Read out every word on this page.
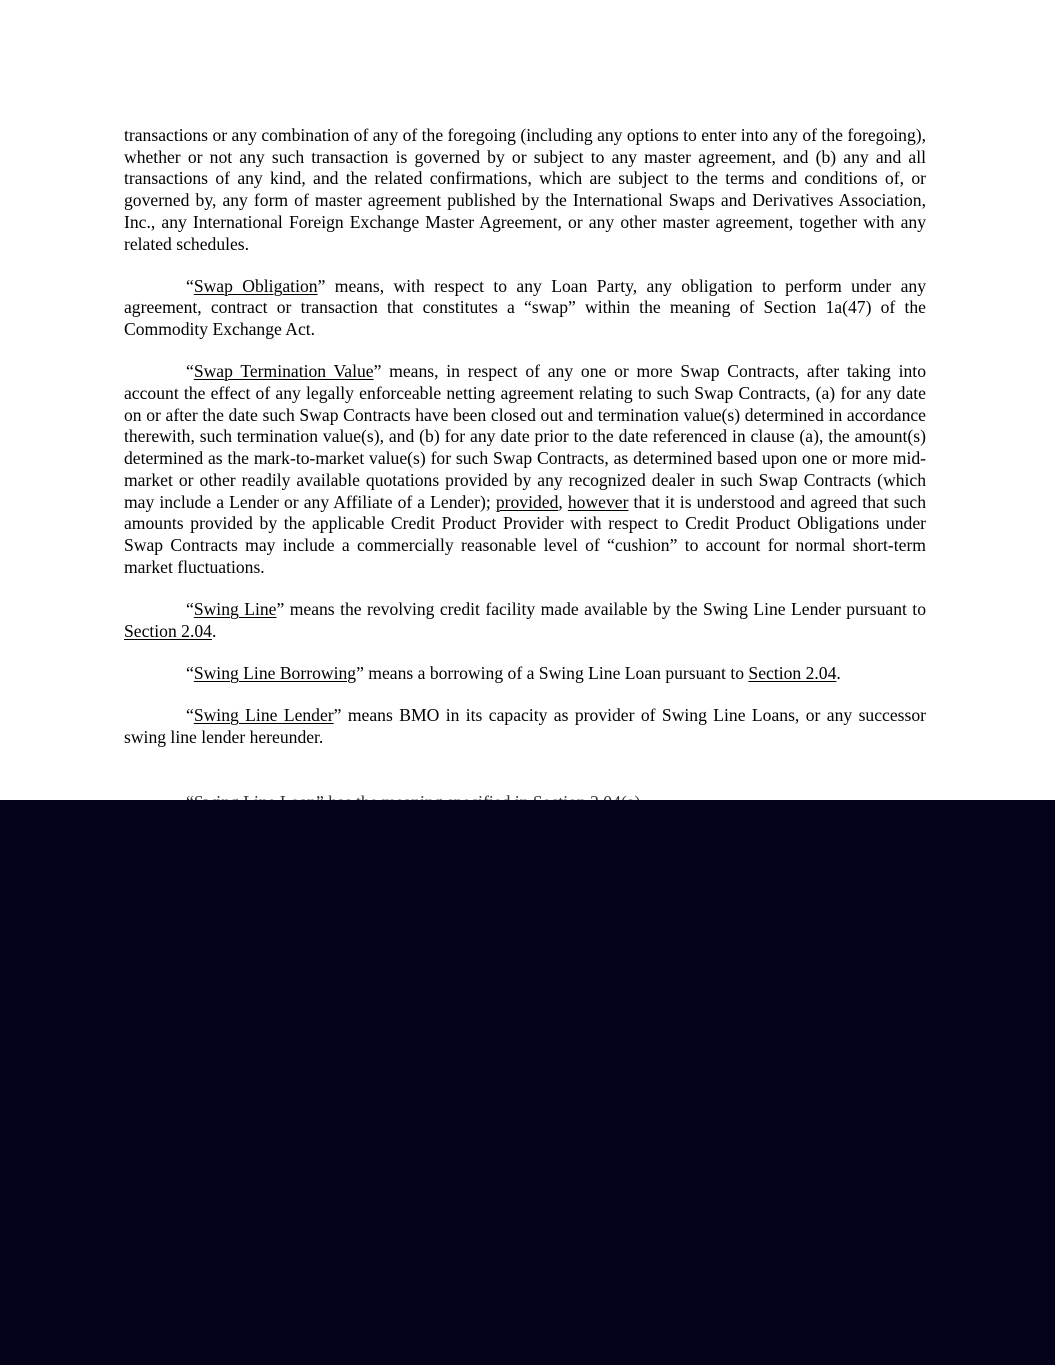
transactions or any combination of any of the foregoing (including any options to enter into any of the foregoing), whether or not any such transaction is governed by or subject to any master agreement, and (b) any and all transactions of any kind, and the related confirmations, which are subject to the terms and conditions of, or governed by, any form of master agreement published by the International Swaps and Derivatives Association, Inc., any International Foreign Exchange Master Agreement, or any other master agreement, together with any related schedules.

“Swap Obligation” means, with respect to any Loan Party, any obligation to perform under any agreement, contract or transaction that constitutes a “swap” within the meaning of Section 1a(47) of the Commodity Exchange Act.

“Swap Termination Value” means, in respect of any one or more Swap Contracts, after taking into account the effect of any legally enforceable netting agreement relating to such Swap Contracts, (a) for any date on or after the date such Swap Contracts have been closed out and termination value(s) determined in accordance therewith, such termination value(s), and (b) for any date prior to the date referenced in clause (a), the amount(s) determined as the mark-to-market value(s) for such Swap Contracts, as determined based upon one or more mid-market or other readily available quotations provided by any recognized dealer in such Swap Contracts (which may include a Lender or any Affiliate of a Lender); provided, however that it is understood and agreed that such amounts provided by the applicable Credit Product Provider with respect to Credit Product Obligations under Swap Contracts may include a commercially reasonable level of “cushion” to account for normal short-term market fluctuations.

“Swing Line” means the revolving credit facility made available by the Swing Line Lender pursuant to Section 2.04.

“Swing Line Borrowing” means a borrowing of a Swing Line Loan pursuant to Section 2.04.

“Swing Line Lender” means BMO in its capacity as provider of Swing Line Loans, or any successor swing line lender hereunder.
